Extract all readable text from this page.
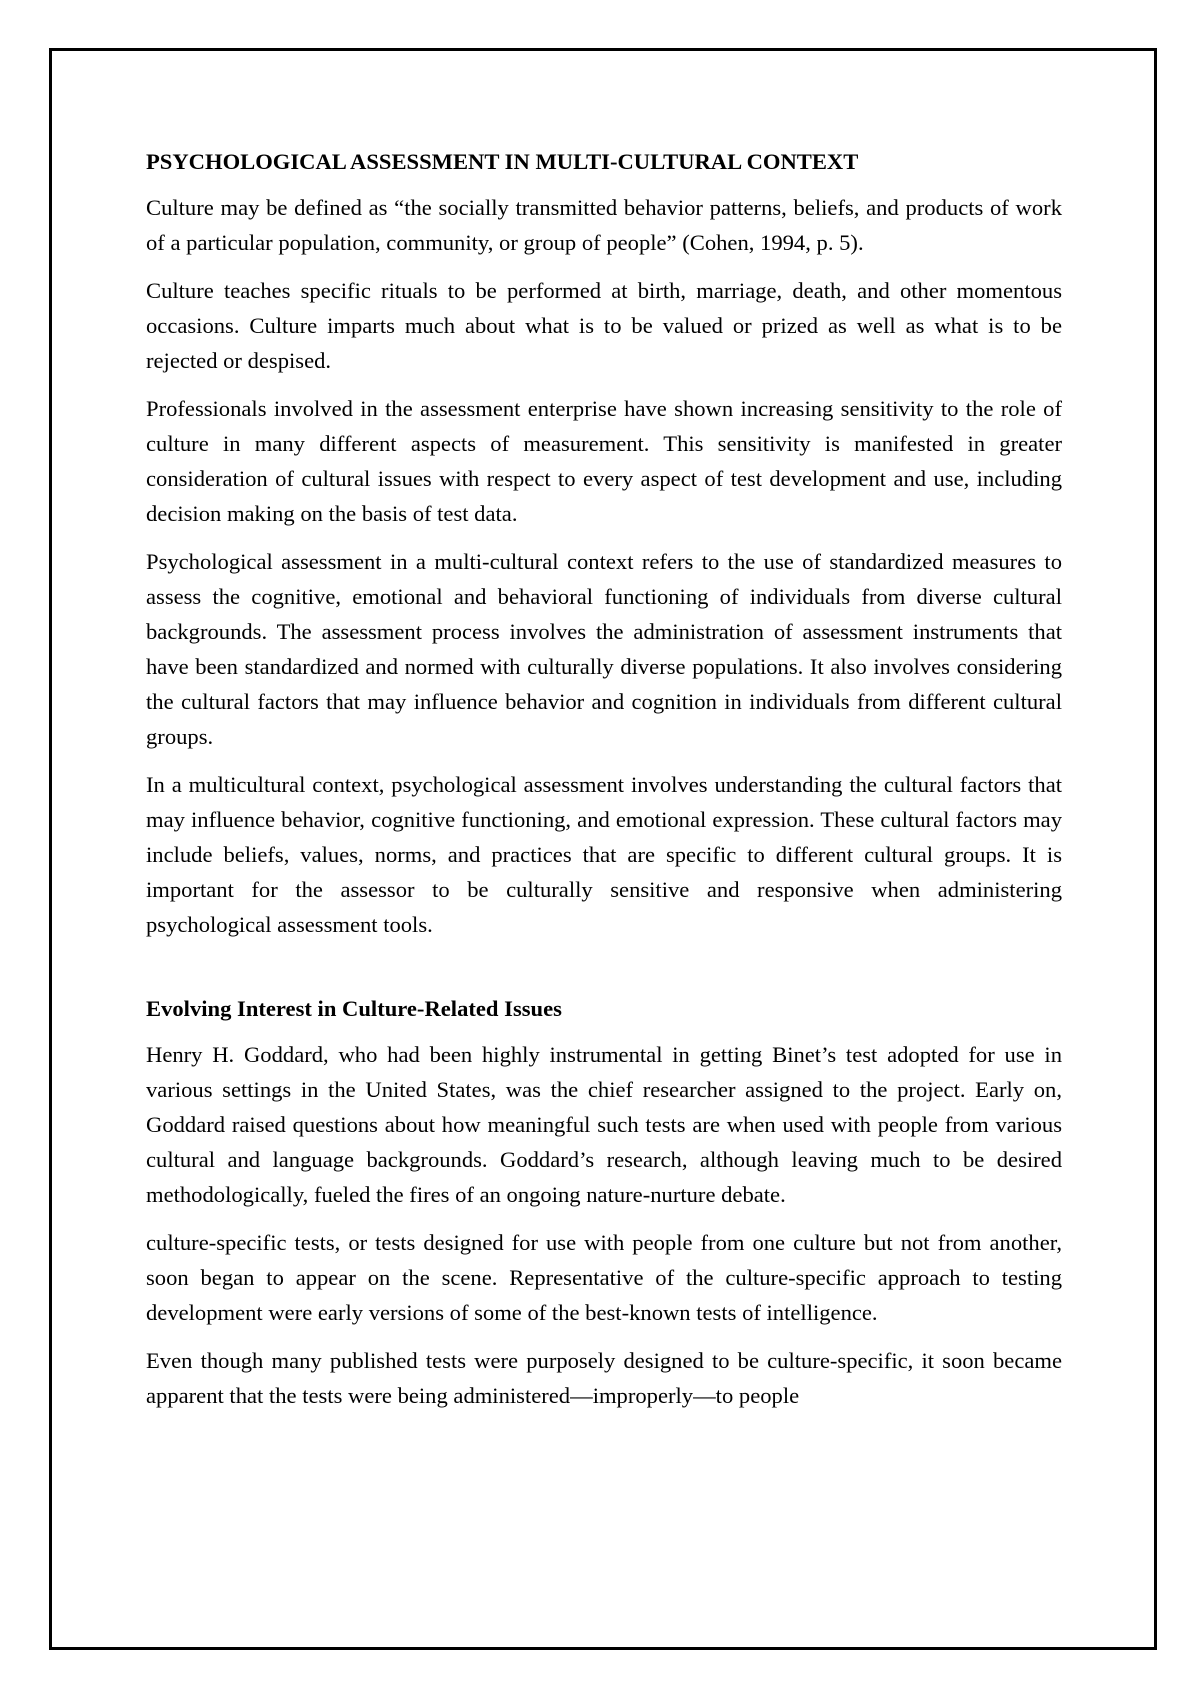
PSYCHOLOGICAL ASSESSMENT IN MULTI-CULTURAL CONTEXT

Culture may be defined as “the socially transmitted behavior patterns, beliefs, and products of work of a particular population, community, or group of people” (Cohen, 1994, p. 5).

Culture teaches specific rituals to be performed at birth, marriage, death, and other momentous occasions. Culture imparts much about what is to be valued or prized as well as what is to be rejected or despised.

Professionals involved in the assessment enterprise have shown increasing sensitivity to the role of culture in many different aspects of measurement. This sensitivity is manifested in greater consideration of cultural issues with respect to every aspect of test development and use, including decision making on the basis of test data.

Psychological assessment in a multi-cultural context refers to the use of standardized measures to assess the cognitive, emotional and behavioral functioning of individuals from diverse cultural backgrounds. The assessment process involves the administration of assessment instruments that have been standardized and normed with culturally diverse populations. It also involves considering the cultural factors that may influence behavior and cognition in individuals from different cultural groups.

In a multicultural context, psychological assessment involves understanding the cultural factors that may influence behavior, cognitive functioning, and emotional expression. These cultural factors may include beliefs, values, norms, and practices that are specific to different cultural groups. It is important for the assessor to be culturally sensitive and responsive when administering psychological assessment tools.

Evolving Interest in Culture-Related Issues

Henry H. Goddard, who had been highly instrumental in getting Binet’s test adopted for use in various settings in the United States, was the chief researcher assigned to the project. Early on, Goddard raised questions about how meaningful such tests are when used with people from various cultural and language backgrounds. Goddard’s research, although leaving much to be desired methodologically, fueled the fires of an ongoing nature-nurture debate.

culture-specific tests, or tests designed for use with people from one culture but not from another, soon began to appear on the scene. Representative of the culture-specific approach to testing development were early versions of some of the best-known tests of intelligence.

Even though many published tests were purposely designed to be culture-specific, it soon became apparent that the tests were being administered—improperly—to people
